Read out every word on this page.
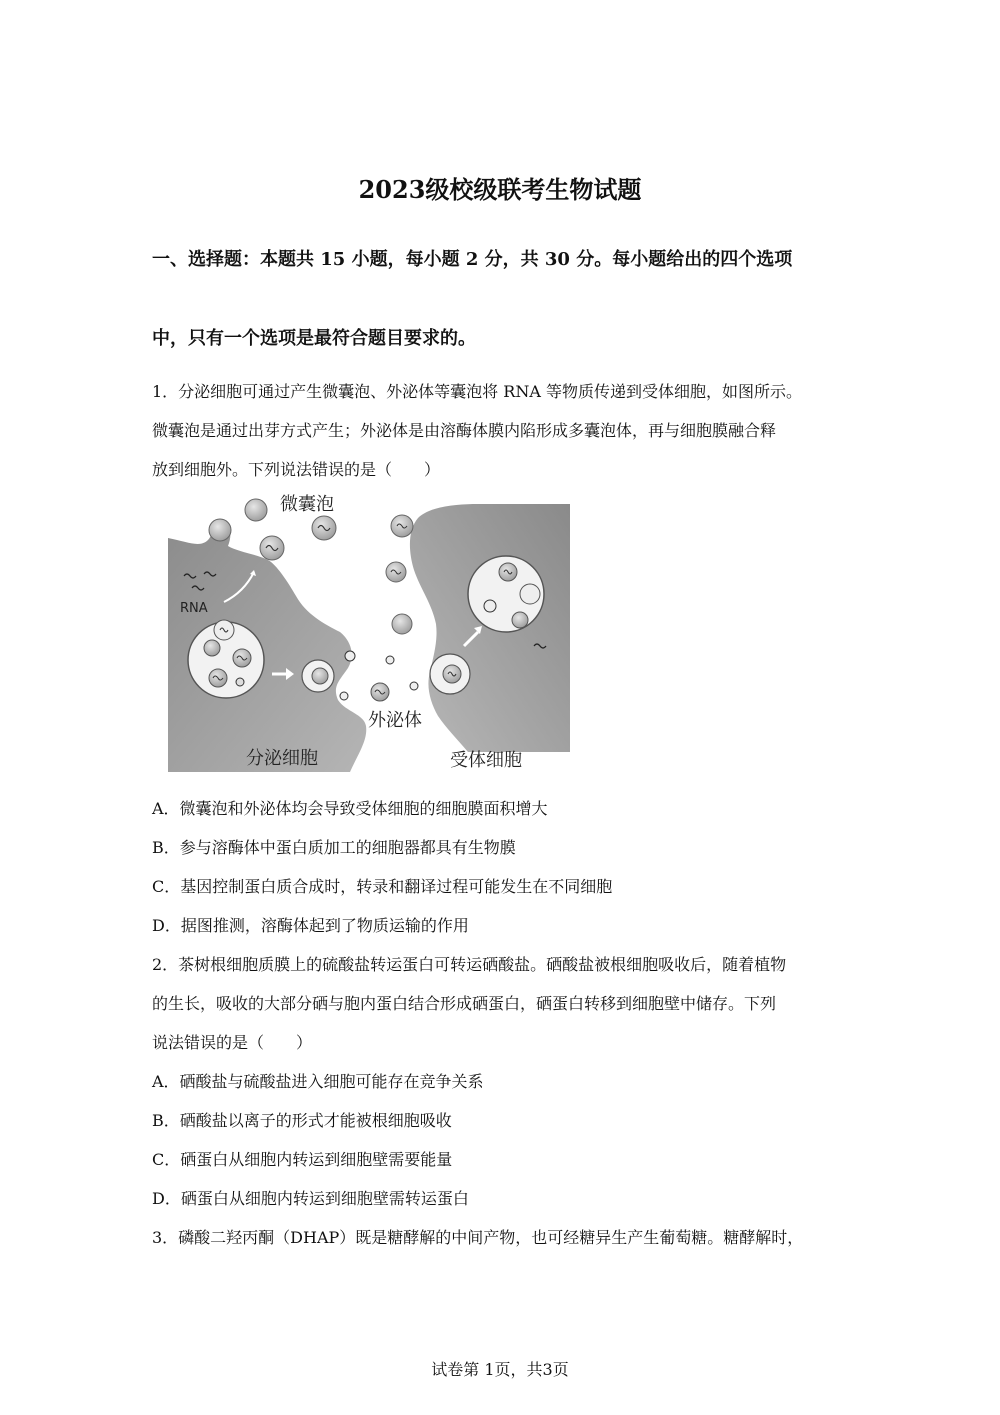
2023级校级联考生物试题
一、选择题：本题共 15 小题，每小题 2 分，共 30 分。每小题给出的四个选项
中，只有一个选项是最符合题目要求的。
1．分泌细胞可通过产生微囊泡、外泌体等囊泡将 RNA 等物质传递到受体细胞，如图所示。
微囊泡是通过出芽方式产生；外泌体是由溶酶体膜内陷形成多囊泡体，再与细胞膜融合释
放到细胞外。下列说法错误的是（　　）
微囊泡
RNA
外泌体
分泌细胞	受体细胞
A．微囊泡和外泌体均会导致受体细胞的细胞膜面积增大
B．参与溶酶体中蛋白质加工的细胞器都具有生物膜
C．基因控制蛋白质合成时，转录和翻译过程可能发生在不同细胞
D．据图推测，溶酶体起到了物质运输的作用
2．茶树根细胞质膜上的硫酸盐转运蛋白可转运硒酸盐。硒酸盐被根细胞吸收后，随着植物
的生长，吸收的大部分硒与胞内蛋白结合形成硒蛋白，硒蛋白转移到细胞壁中储存。下列
说法错误的是（　　）
A．硒酸盐与硫酸盐进入细胞可能存在竞争关系
B．硒酸盐以离子的形式才能被根细胞吸收
C．硒蛋白从细胞内转运到细胞壁需要能量
D．硒蛋白从细胞内转运到细胞壁需转运蛋白
3．磷酸二羟丙酮（DHAP）既是糖酵解的中间产物，也可经糖异生产生葡萄糖。糖酵解时，
试卷第 1页，共3页
